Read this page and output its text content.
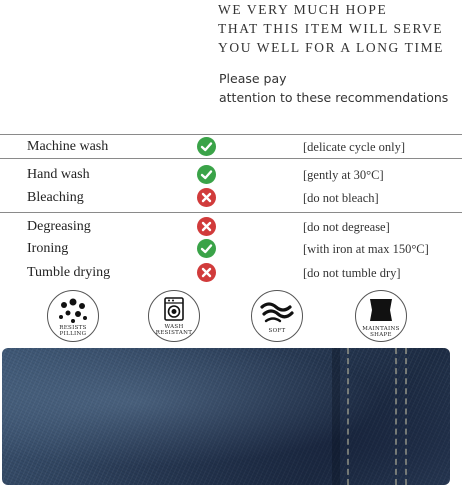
WE VERY MUCH HOPE
THAT THIS ITEM WILL SERVE
YOU WELL FOR A LONG TIME
Please pay
attention to these recommendations
Machine wash	[delicate cycle only]
Hand wash	[gently at 30°C]
Bleaching	[do not bleach]
Degreasing	[do not degrease]
Ironing	[with iron at max 150°C]
Tumble drying	[do not tumble dry]
RESISTS
PILLING
WASH
RESISTANT	SOFT	MAINTAINS
SHAPE
